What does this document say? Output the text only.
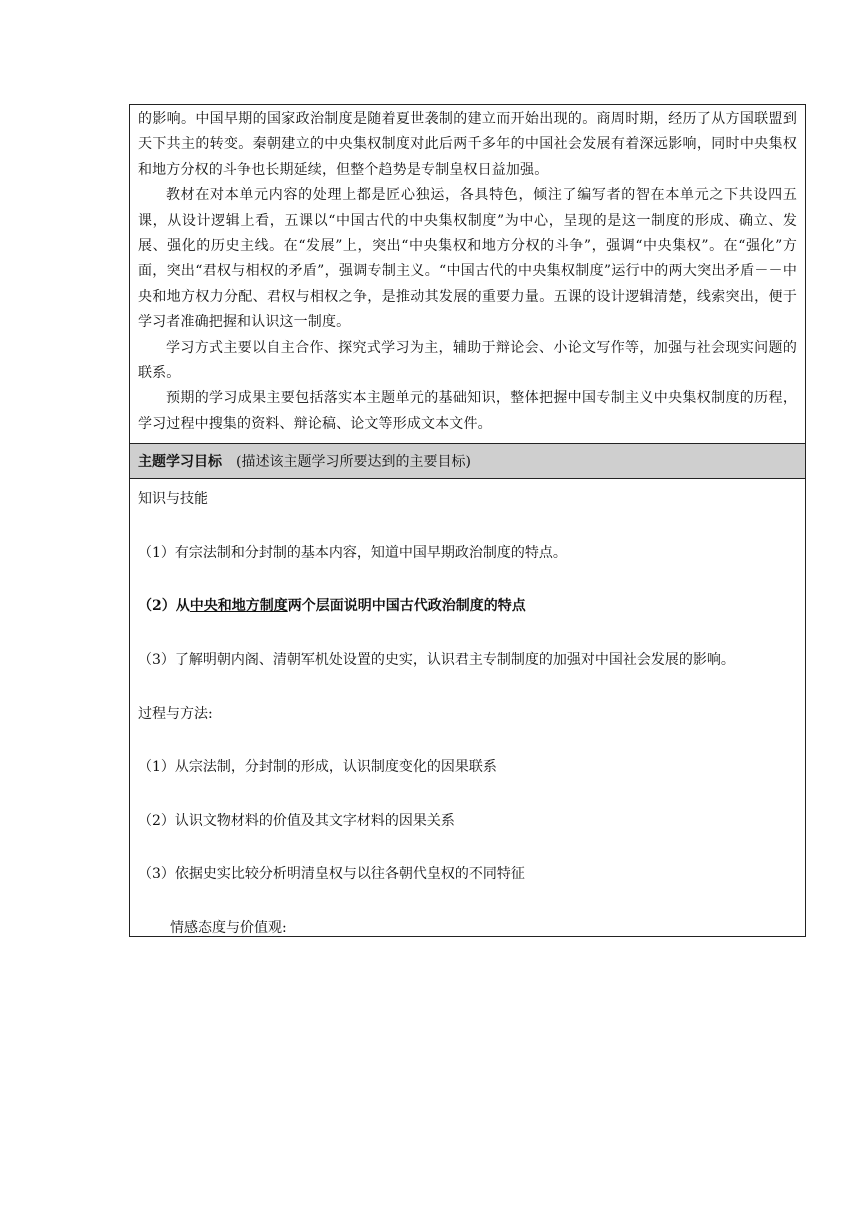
的影响。中国早期的国家政治制度是随着夏世袭制的建立而开始出现的。商周时期，经历了从方国联盟到天下共主的转变。秦朝建立的中央集权制度对此后两千多年的中国社会发展有着深远影响，同时中央集权和地方分权的斗争也长期延续，但整个趋势是专制皇权日益加强。

教材在对本单元内容的处理上都是匠心独运，各具特色，倾注了编写者的智在本单元之下共设四五课，从设计逻辑上看，五课以“中国古代的中央集权制度”为中心，呈现的是这一制度的形成、确立、发展、强化的历史主线。在“发展”上，突出“中央集权和地方分权的斗争”，强调“中央集权”。在“强化”方面，突出“君权与相权的矛盾”，强调专制主义。“中国古代的中央集权制度”运行中的两大突出矛盾－－中央和地方权力分配、君权与相权之争，是推动其发展的重要力量。五课的设计逻辑清楚，线索突出，便于学习者准确把握和认识这一制度。

学习方式主要以自主合作、探究式学习为主，辅助于辩论会、小论文写作等，加强与社会现实问题的联系。

预期的学习成果主要包括落实本主题单元的基础知识，整体把握中国专制主义中央集权制度的历程，学习过程中搜集的资料、辩论稿、论文等形成文本文件。

主题学习目标 (描述该主题学习所要达到的主要目标)

知识与技能

（1）有宗法制和分封制的基本内容，知道中国早期政治制度的特点。

（2）从中央和地方制度两个层面说明中国古代政治制度的特点

（3）了解明朝内阁、清朝军机处设置的史实，认识君主专制制度的加强对中国社会发展的影响。

过程与方法:

（1）从宗法制，分封制的形成，认识制度变化的因果联系

（2）认识文物材料的价值及其文字材料的因果关系

（3）依据史实比较分析明清皇权与以往各朝代皇权的不同特征

情感态度与价值观:
